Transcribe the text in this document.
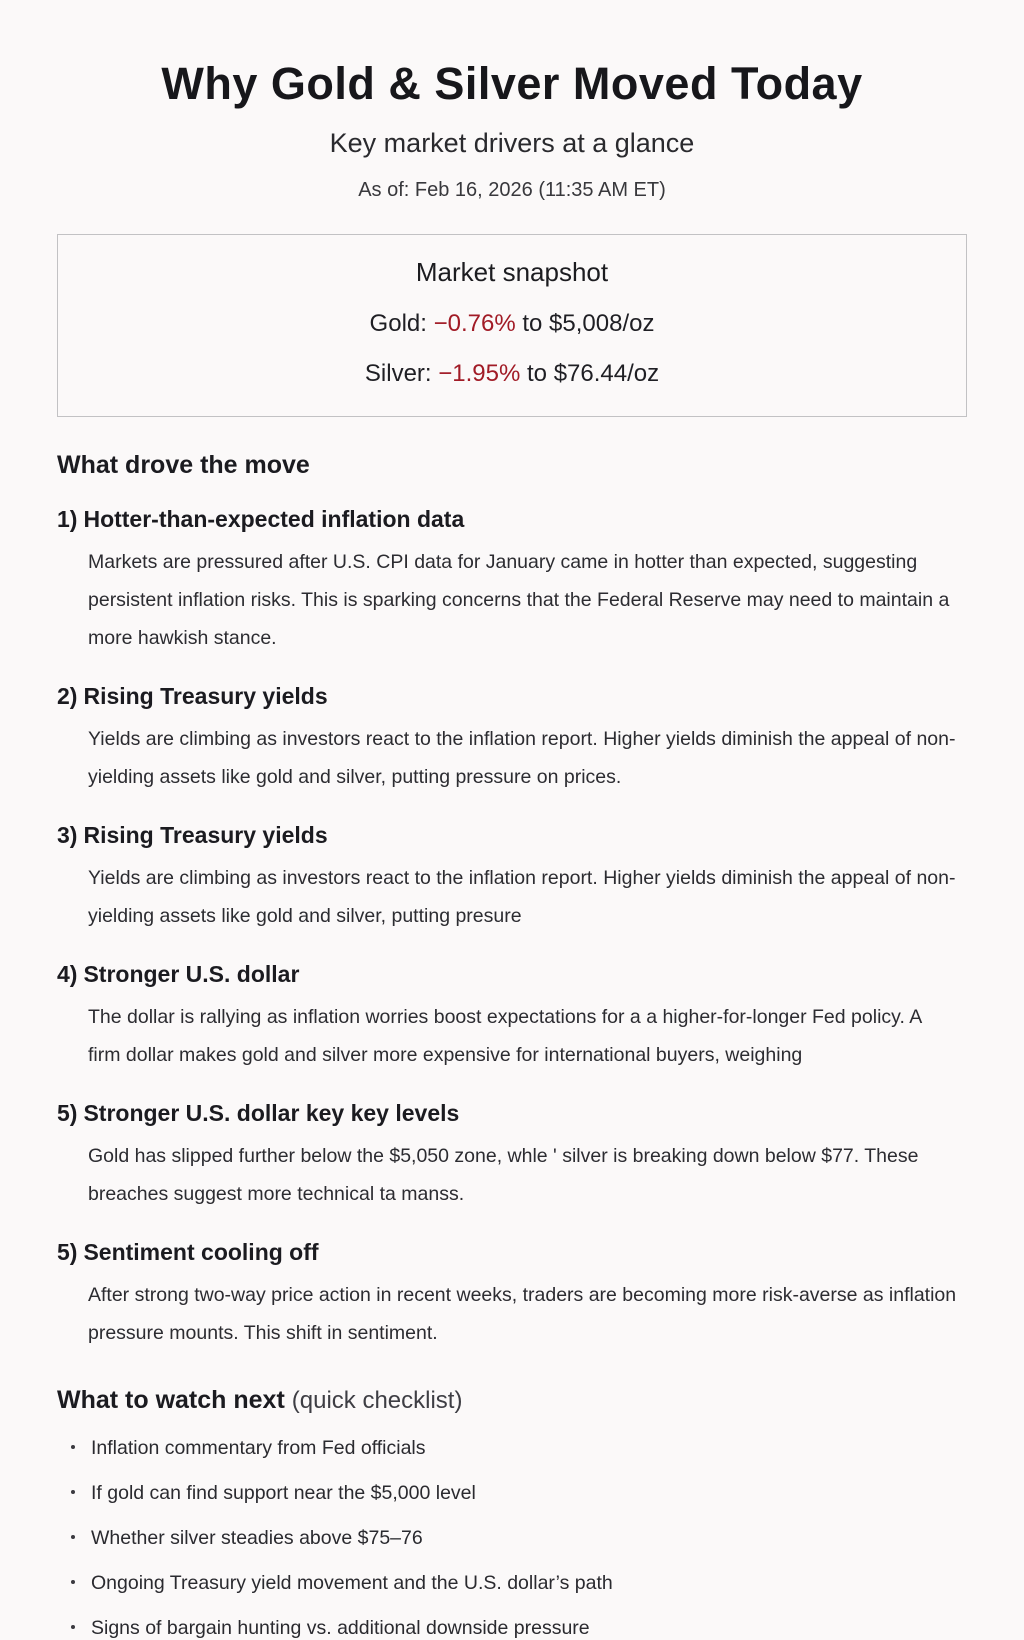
Why Gold & Silver Moved Today
Key market drivers at a glance
As of: Feb 16, 2026 (11:35 AM ET)
Market snapshot
Gold: −0.76% to $5,008/oz
Silver: −1.95% to $76.44/oz
What drove the move
1) Hotter-than-expected inflation data

Markets are pressured after U.S. CPI data for January came in hotter than expected, suggesting persistent inflation risks. This is sparking concerns that the Federal Reserve may need to maintain a more hawkish stance.

2) Rising Treasury yields

Yields are climbing as investors react to the inflation report. Higher yields diminish the appeal of non-yielding assets like gold and silver, putting pressure on prices.

3) Rising Treasury yields

Yields are climbing as investors react to the inflation report. Higher yields diminish the appeal of non-yielding assets like gold and silver, putting presure

4) Stronger U.S. dollar

The dollar is rallying as inflation worries boost expectations for a a higher-for-longer Fed policy. A firm dollar makes gold and silver more expensive for international buyers, weighing

5) Stronger U.S. dollar key key levels

Gold has slipped further below the $5,050 zone, whle ' silver is breaking down below $77. These breaches suggest more technical ta manss.

5) Sentiment cooling off

After strong two-way price action in recent weeks, traders are becoming more risk-averse as inflation pressure mounts. This shift in sentiment.

What to watch next (quick checklist)
Inflation commentary from Fed officials
If gold can find support near the $5,000 level
Whether silver steadies above $75–76
Ongoing Treasury yield movement and the U.S. dollar’s path
Signs of bargain hunting vs. additional downside pressure
